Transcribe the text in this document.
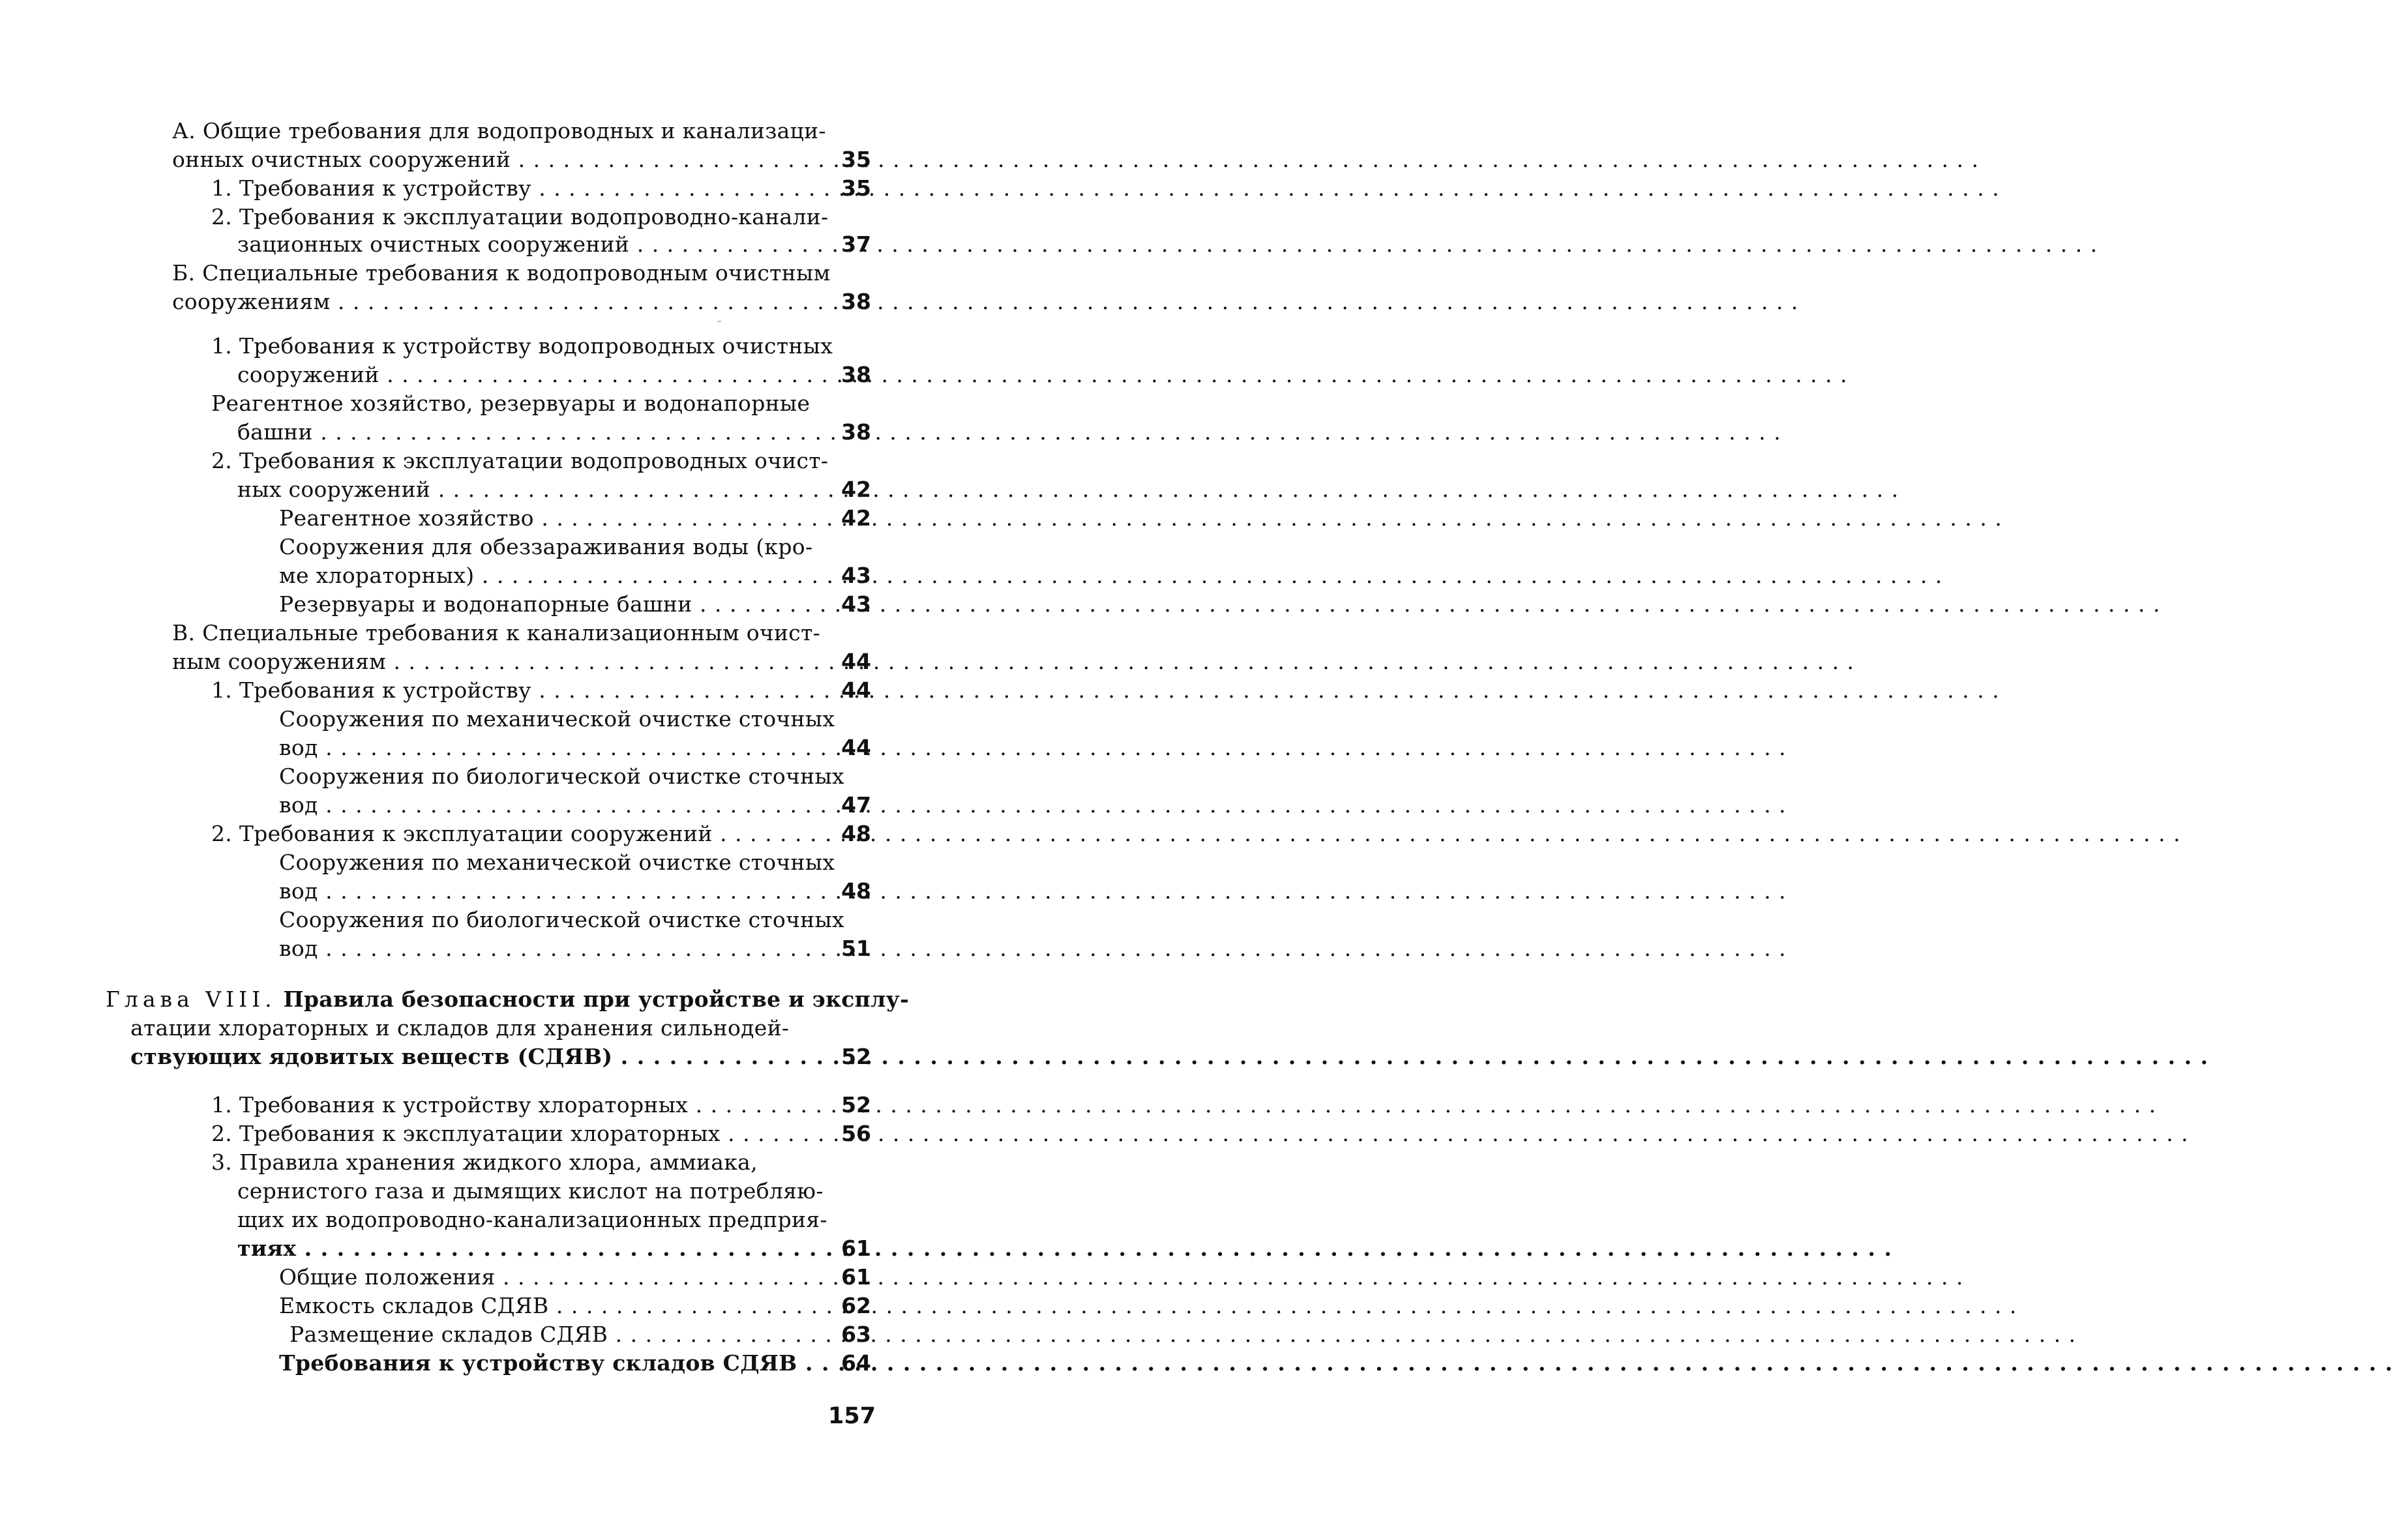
А. Общие требования для водопроводных и канализаци-
онных очистных сооружений . . .	35
1. Требования к устройству . . .	35
2. Требования к эксплуатации водопроводно-канали-
зационных очистных сооружений . . .	37
Б. Специальные требования к водопроводным очистным
сооружениям . . .	38
1. Требования к устройству водопроводных очистных
сооружений . . .	38
Реагентное хозяйство, резервуары и водонапорные
башни . . .	38
2. Требования к эксплуатации водопроводных очист-
ных сооружений . . .	42
Реагентное хозяйство . . .	42
Сооружения для обеззараживания воды (кро-
ме хлораторных) . . .	43
Резервуары и водонапорные башни . . .	43
В. Специальные требования к канализационным очист-
ным сооружениям . . .	44
1. Требования к устройству . . .	44
Сооружения по механической очистке сточных
вод . . .	44
Сооружения по биологической очистке сточных
вод . . .	47
2. Требования к эксплуатации сооружений . . .	48
Сооружения по механической очистке сточных
вод . . .	48
Сооружения по биологической очистке сточных
вод . . .	51
Глава VIII. Правила безопасности при устройстве и эксплу-
атации хлораторных и складов для хранения сильнодей-
ствующих ядовитых веществ (СДЯВ) . . .	52
1. Требования к устройству хлораторных . . .	52
2. Требования к эксплуатации хлораторных . . .	56
3. Правила хранения жидкого хлора, аммиака,
сернистого газа и дымящих кислот на потребляю-
щих их водопроводно-канализационных предприя-
тиях . . .	61
Общие положения . . .	61
Емкость складов СДЯВ . . .	62
Размещение складов СДЯВ . . .	63
Требования к устройству складов СДЯВ . . .	64
157
